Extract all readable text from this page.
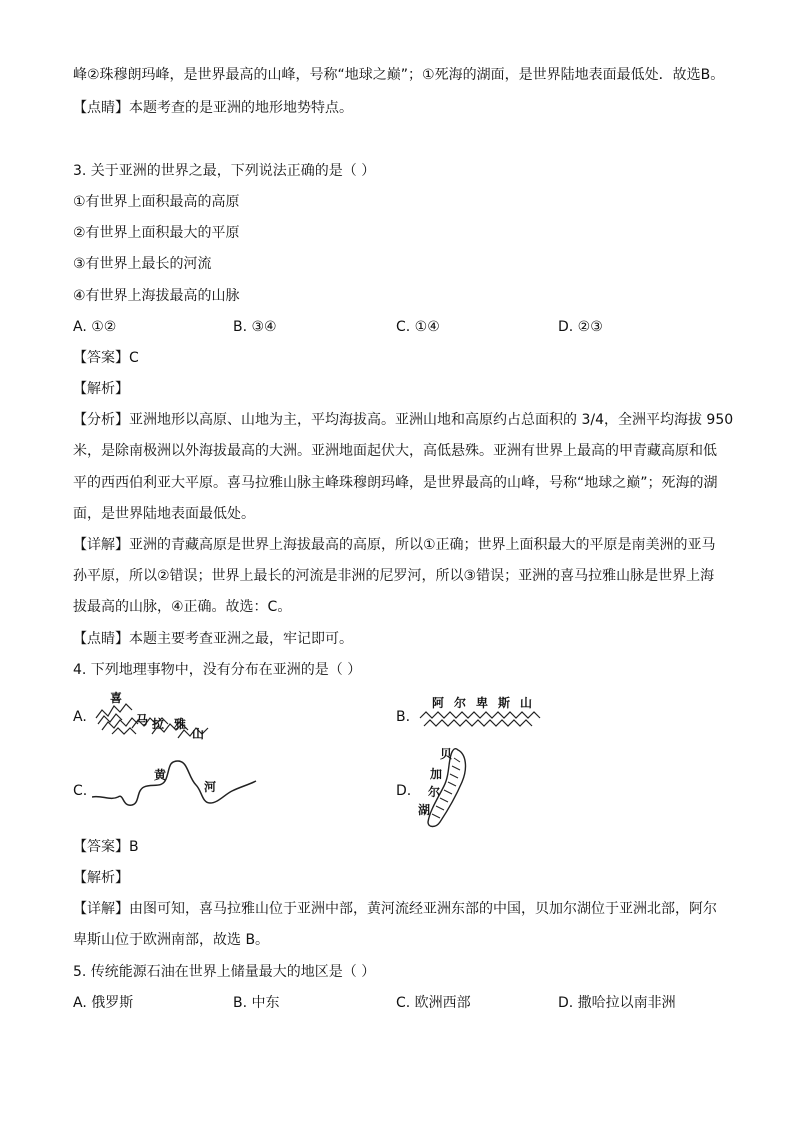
峰②珠穆朗玛峰，是世界最高的山峰，号称“地球之巅”；①死海的湖面，是世界陆地表面最低处．故选B。
【点睛】本题考查的是亚洲的地形地势特点。
3. 关于亚洲的世界之最，下列说法正确的是（ ）
①有世界上面积最高的高原
②有世界上面积最大的平原
③有世界上最长的河流
④有世界上海拔最高的山脉
A. ①②	B. ③④	C. ①④	D. ②③
【答案】C
【解析】
【分析】亚洲地形以高原、山地为主，平均海拔高。亚洲山地和高原约占总面积的 3/4，全洲平均海拔 950
米，是除南极洲以外海拔最高的大洲。亚洲地面起伏大，高低悬殊。亚洲有世界上最高的甲青藏高原和低
平的西西伯利亚大平原。喜马拉雅山脉主峰珠穆朗玛峰，是世界最高的山峰，号称“地球之巅”；死海的湖
面，是世界陆地表面最低处。
【详解】亚洲的青藏高原是世界上海拔最高的高原，所以①正确；世界上面积最大的平原是南美洲的亚马
孙平原，所以②错误；世界上最长的河流是非洲的尼罗河，所以③错误；亚洲的喜马拉雅山脉是世界上海
拔最高的山脉，④正确。故选：C。
【点睛】本题主要考查亚洲之最，牢记即可。
4. 下列地理事物中，没有分布在亚洲的是（ ）
A.
喜
马 拉 雅
山
B.
阿 尔 卑 斯 山
C.
黄
河	D.
贝
加
尔
湖
【答案】B
【解析】
【详解】由图可知，喜马拉雅山位于亚洲中部，黄河流经亚洲东部的中国，贝加尔湖位于亚洲北部，阿尔
卑斯山位于欧洲南部，故选 B。
5. 传统能源石油在世界上储量最大的地区是（ ）
A. 俄罗斯	B. 中东	C. 欧洲西部	D. 撒哈拉以南非洲
